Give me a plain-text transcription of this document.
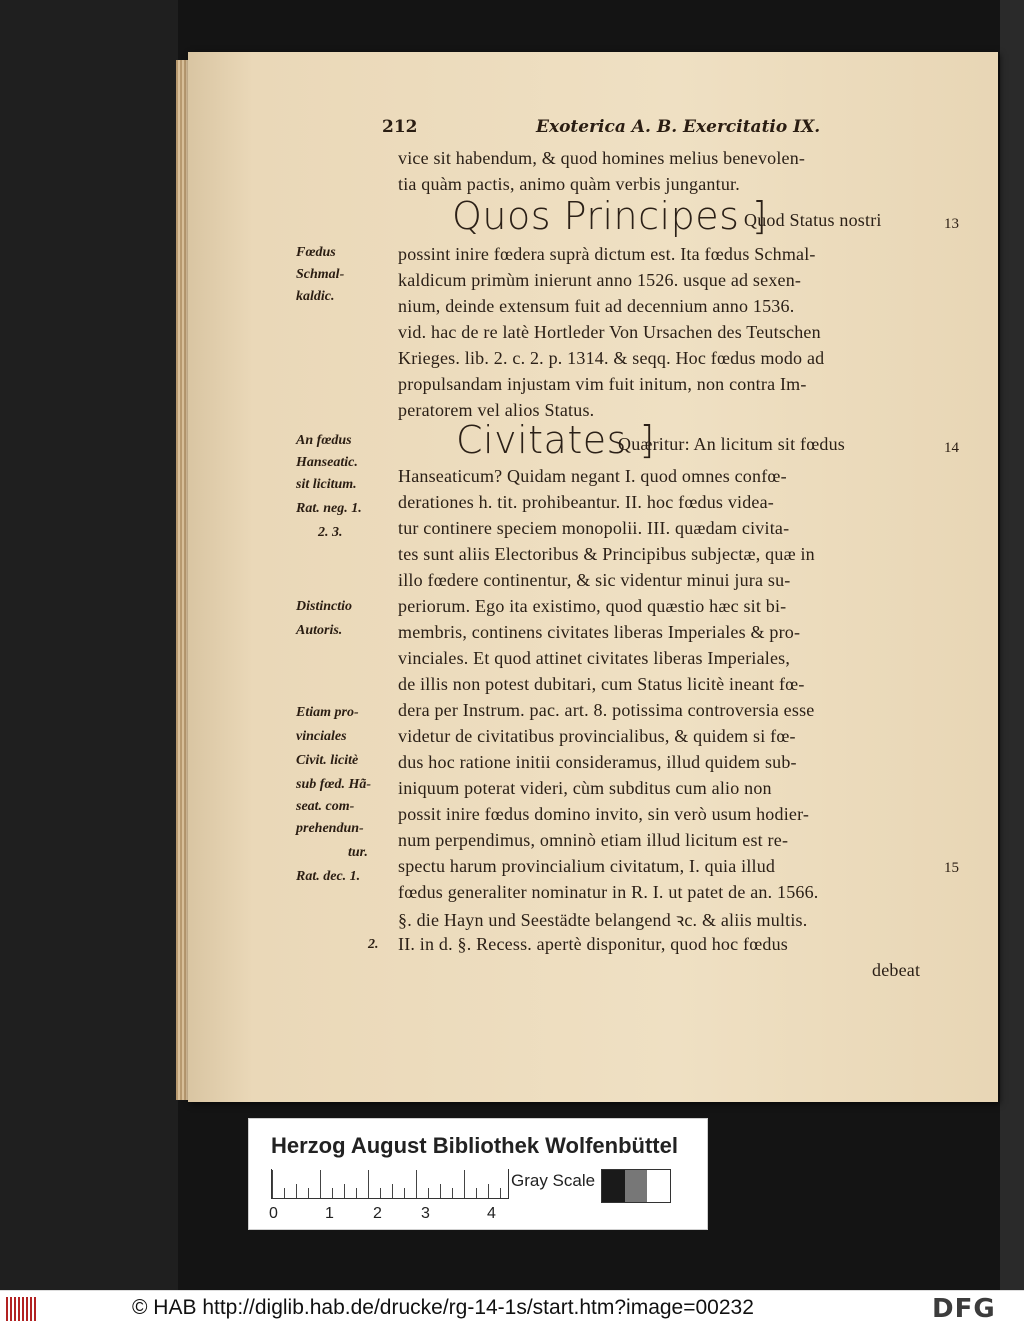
212	Exoterica A. B. Exercitatio IX.
vice sit habendum, & quod homines melius benevolen-
tia quàm pactis, animo quàm verbis jungantur.
Quos Principes ]
Quod Status nostri
possint inire fœdera suprà dictum est. Ita fœdus Schmal-
kaldicum primùm inierunt anno 1526. usque ad sexen-
nium, deinde extensum fuit ad decennium anno 1536.
vid. hac de re latè Hortleder Von Ursachen des Teutschen
Krieges. lib. 2. c. 2. p. 1314. & seqq. Hoc fœdus modo ad
propulsandam injustam vim fuit initum, non contra Im-
peratorem vel alios Status.
Civitates ]
Quæritur: An licitum sit fœdus
Hanseaticum? Quidam negant I. quod omnes confœ-
derationes h. tit. prohibeantur. II. hoc fœdus videa-
tur continere speciem monopolii. III. quædam civita-
tes sunt aliis Electoribus & Principibus subjectæ, quæ in
illo fœdere continentur, & sic videntur minui jura su-
periorum. Ego ita existimo, quod quæstio hæc sit bi-
membris, continens civitates liberas Imperiales & pro-
vinciales. Et quod attinet civitates liberas Imperiales,
de illis non potest dubitari, cum Status licitè ineant fœ-
dera per Instrum. pac. art. 8. potissima controversia esse
videtur de civitatibus provincialibus, & quidem si fœ-
dus hoc ratione initii consideramus, illud quidem sub-
iniquum poterat videri, cùm subditus cum alio non
possit inire fœdus domino invito, sin verò usum hodier-
num perpendimus, omninò etiam illud licitum est re-
spectu harum provincialium civitatum, I. quia illud
fœdus generaliter nominatur in R. I. ut patet de an. 1566.
§. die Hayn und Seestädte belangend ꝛc. & aliis multis.
II. in d. §. Recess. apertè disponitur, quod hoc fœdus
debeat
Fœdus
Schmal-
kaldic.
An fœdus
Hanseatic.
sit licitum.
Rat. neg. 1.
2. 3.
Distinctio
Autoris.
Etiam pro-
vinciales
Civit. licitè
sub fœd. Hã-
seat. com-
prehendun-
tur.
Rat. dec. 1.
2.
13
14
15
Herzog August Bibliothek Wolfenbüttel
0	1 2 3	4
Gray Scale
© HAB http://diglib.hab.de/drucke/rg-14-1s/start.htm?image=00232	DFG
